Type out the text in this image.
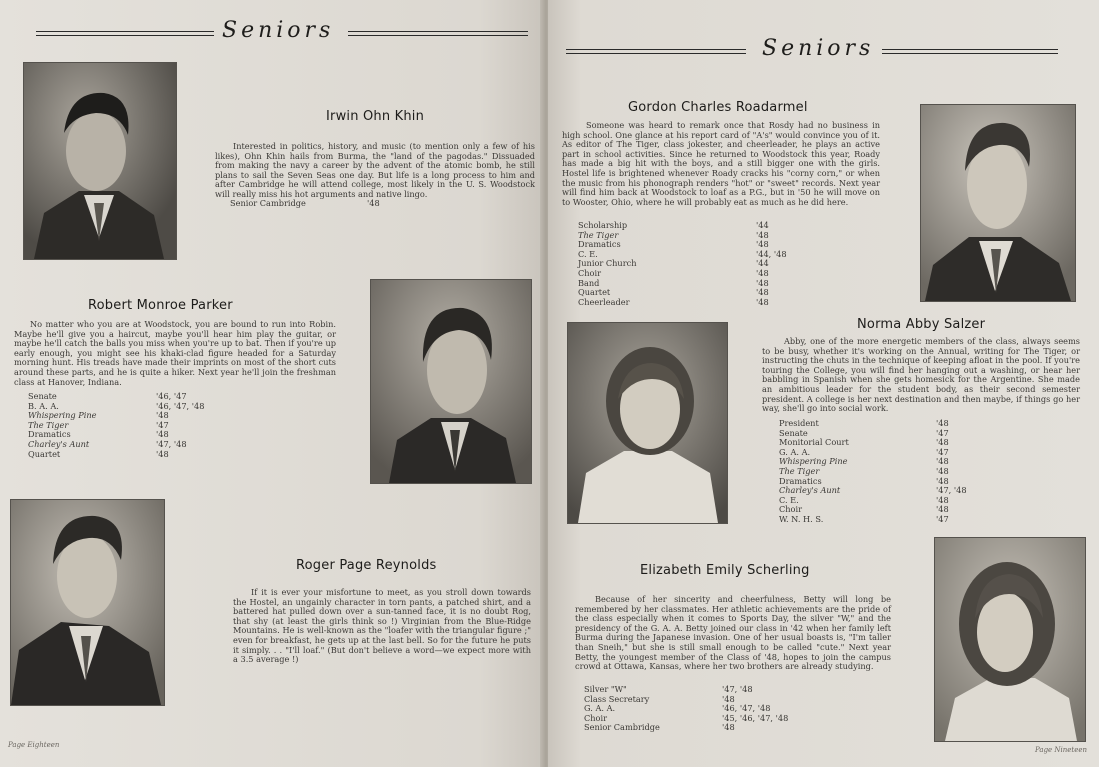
Seniors
Irwin Ohn Khin

Interested in politics, history, and music (to mention only a few of his likes), Ohn Khin hails from Burma, the "land of the pagodas." Dissuaded from making the navy a career by the advent of the atomic bomb, he still plans to sail the Seven Seas one day. But life is a long process to him and after Cambridge he will attend college, most likely in the U. S. Woodstock will really miss his hot arguments and native lingo.

Senior Cambridge	'48
Robert Monroe Parker

No matter who you are at Woodstock, you are bound to run into Robin. Maybe he'll give you a haircut, maybe you'll hear him play the guitar, or maybe he'll catch the balls you miss when you're up to bat. Then if you're up early enough, you might see his khaki-clad figure headed for a Saturday morning hunt. His treads have made their imprints on most of the short cuts around these parts, and he is quite a hiker. Next year he'll join the freshman class at Hanover, Indiana.

Senate	'46, '47
B. A. A.	'46, '47, '48
Whispering Pine	'48
The Tiger	'47
Dramatics	'48
Charley's Aunt	'47, '48
Quartet	'48
Roger Page Reynolds

If it is ever your misfortune to meet, as you stroll down towards the Hostel, an ungainly character in torn pants, a patched shirt, and a battered hat pulled down over a sun-tanned face, it is no doubt Rog, that shy (at least the girls think so !) Virginian from the Blue-Ridge Mountains. He is well-known as the "loafer with the triangular figure ;" even for breakfast, he gets up at the last bell. So for the future he puts it simply. . . "I'll loaf." (But don't believe a word—we expect more with a 3.5 average !)

Page Eighteen
Seniors
Gordon Charles Roadarmel

Someone was heard to remark once that Rosdy had no business in high school. One glance at his report card of "A's" would convince you of it. As editor of The Tiger, class jokester, and cheerleader, he plays an active part in school activities. Since he returned to Woodstock this year, Roady has made a big hit with the boys, and a still bigger one with the girls. Hostel life is brightened whenever Roady cracks his "corny corn," or when the music from his phonograph renders "hot" or "sweet" records. Next year will find him back at Woodstock to loaf as a P.G., but in '50 he will move on to Wooster, Ohio, where he will probably eat as much as he did here.

Scholarship	'44
The Tiger	'48
Dramatics	'48
C. E.	'44, '48
Junior Church	'44
Choir	'48
Band	'48
Quartet	'48
Cheerleader	'48
Norma Abby Salzer

Abby, one of the more energetic members of the class, always seems to be busy, whether it's working on the Annual, writing for The Tiger, or instructing the chuts in the technique of keeping afloat in the pool. If you're touring the College, you will find her hanging out a washing, or hear her babbling in Spanish when she gets homesick for the Argentine. She made an ambitious leader for the student body, as their second semester president. A college is her next destination and then maybe, if things go her way, she'll go into social work.

President	'48
Senate	'47
Monitorial Court	'48
G. A. A.	'47
Whispering Pine	'48
The Tiger	'48
Dramatics	'48
Charley's Aunt	'47, '48
C. E.	'48
Choir	'48
W. N. H. S.	'47
Elizabeth Emily Scherling

Because of her sincerity and cheerfulness, Betty will long be remembered by her classmates. Her athletic achievements are the pride of the class especially when it comes to Sports Day, the silver "W," and the presidency of the G. A. A. Betty joined our class in '42 when her family left Burma during the Japanese invasion. One of her usual boasts is, "I'm taller than Sneih," but she is still small enough to be called "cute." Next year Betty, the youngest member of the Class of '48, hopes to join the campus crowd at Ottawa, Kansas, where her two brothers are already studying.

Silver "W"	'47, '48
Class Secretary	'48
G. A. A.	'46, '47, '48
Choir	'45, '46, '47, '48
Senior Cambridge	'48
Page Nineteen
